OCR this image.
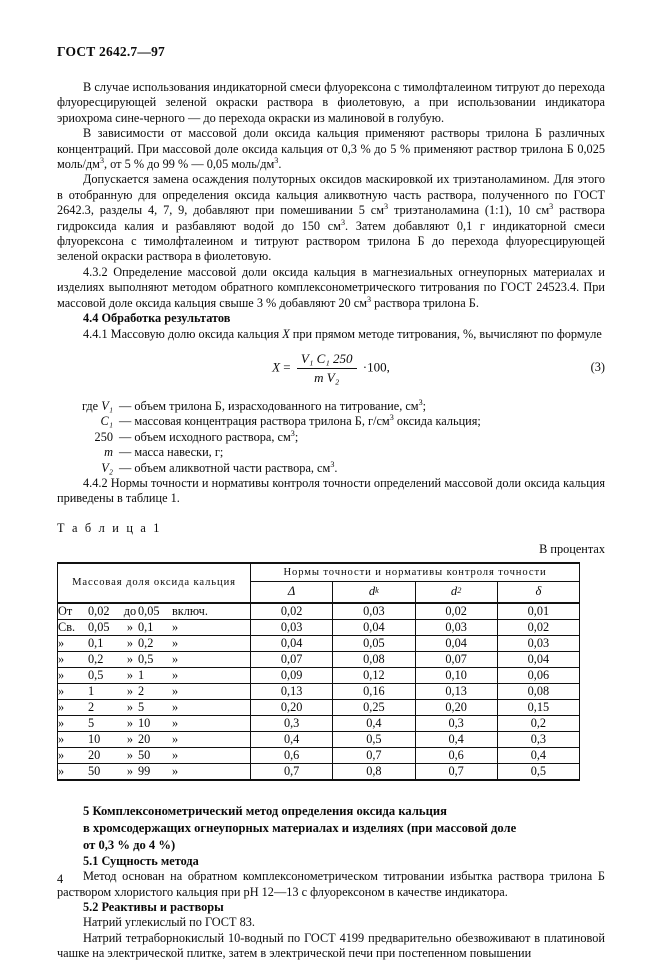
ГОСТ 2642.7—97

В случае использования индикаторной смеси флуорексона с тимолфталеином титруют до перехода флуоресцирующей зеленой окраски раствора в фиолетовую, а при использовании индикатора эриохрома сине-черного — до перехода окраски из малиновой в голубую.

В зависимости от массовой доли оксида кальция применяют растворы трилона Б различных концентраций. При массовой доле оксида кальция от 0,3 % до 5 % применяют раствор трилона Б 0,025 моль/$дм^3$, от 5 % до 99 % — 0,05 моль/$дм^3$.

Допускается замена осаждения полуторных оксидов маскировкой их триэтаноламином. Для этого в отобранную для определения оксида кальция аликвотную часть раствора, полученного по ГОСТ 2642.3, разделы 4, 7, 9, добавляют при помешивании 5 $см^3$ триэтаноламина (1:1), 10 $см^3$ раствора гидроксида калия и разбавляют водой до 150 $см^3$. Затем добавляют 0,1 г индикаторной смеси флуорексона с тимолфталеином и титруют раствором трилона Б до перехода флуоресцирующей зеленой окраски раствора в фиолетовую.

4.3.2 Определение массовой доли оксида кальция в магнезиальных огнеупорных материалах и изделиях выполняют методом обратного комплексонометрического титрования по ГОСТ 24523.4. При массовой доле оксида кальция свыше 3 % добавляют 20 $см^3$ раствора трилона Б.

4.4 Обработка результатов

4.4.1 Массовую долю оксида кальция X при прямом методе титрования, %, вычисляют по формуле

$X = \frac{\text{V₁ C₁ 250}}{\text{m V₂}} \cdot 100$,	(3)
где V₁ — объем трилона Б, израсходованного на титрование, $см^3$;
C₁ — массовая концентрация раствора трилона Б, $г/см^3$ оксида кальция;
250 — объем исходного раствора, $см^3$;
m — масса навески, г;
V₂ — объем аликвотной части раствора, $см^3$.

4.4.2 Нормы точности и нормативы контроля точности определений массовой доли оксида кальция приведены в таблице 1.

Т а б л и ц а 1
В процентах
Массовая доля оксида кальция	Нормы точности и нормативы контроля точности			

Δ	d k	d 2	δ

От 0,02 до 0,05 включ.	0,02	0,03	0,02	0,01
Св. 0,05 » 0,1 »	0,03	0,04	0,03	0,02
» 0,1 » 0,2 »	0,04	0,05	0,04	0,03
» 0,2 » 0,5 »	0,07	0,08	0,07	0,04
» 0,5 » 1 »	0,09	0,12	0,10	0,06
» 1 » 2 »	0,13	0,16	0,13	0,08
» 2 » 5 »	0,20	0,25	0,20	0,15
» 5 » 10 »	0,3	0,4	0,3	0,2
» 10 » 20 »	0,4	0,5	0,4	0,3
» 20 » 50 »	0,6	0,7	0,6	0,4
» 50 » 99 »	0,7	0,8	0,7	0,5
5 Комплексонометрический метод определения оксида кальция
в хромсодержащих огнеупорных материалах и изделиях (при массовой доле
от 0,3 % до 4 %)

5.1 Сущность метода

Метод основан на обратном комплексонометрическом титровании избытка раствора трилона Б раствором хлористого кальция при рН 12—13 с флуорексоном в качестве индикатора.

5.2 Реактивы и растворы

Натрий углекислый по ГОСТ 83.

Натрий тетраборнокислый 10-водный по ГОСТ 4199 предварительно обезвоживают в платиновой чашке на электрической плитке, затем в электрической печи при постепенном повышении

4
